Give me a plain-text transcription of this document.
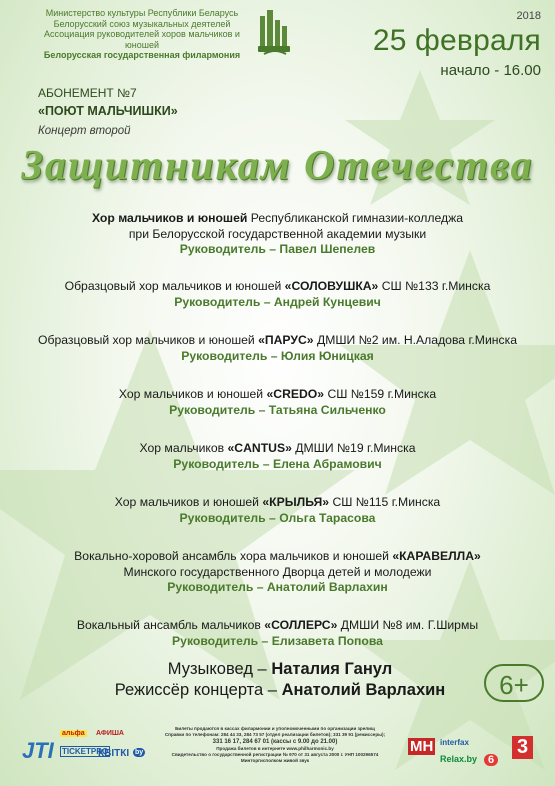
Министерство культуры Республики Беларусь
Белорусский союз музыкальных деятелей
Ассоциация руководителей хоров мальчиков и юношей
Белорусская государственная филармония
2018
25 февраля
начало - 16.00
АБОНЕМЕНТ №7
«ПОЮТ МАЛЬЧИШКИ»
Концерт второй
Защитникам Отечества
Хор мальчиков и юношей Республиканской гимназии-колледжа
при Белорусской государственной академии музыки
Руководитель – Павел Шепелев
Образцовый хор мальчиков и юношей «СОЛОВУШКА» СШ №133 г.Минска
Руководитель – Андрей Кунцевич
Образцовый хор мальчиков и юношей «ПАРУС» ДМШИ №2 им. Н.Аладова г.Минска
Руководитель – Юлия Юницкая
Хор мальчиков и юношей «CREDO» СШ №159 г.Минска
Руководитель – Татьяна Сильченко
Хор мальчиков «CANTUS» ДМШИ №19 г.Минска
Руководитель – Елена Абрамович
Хор мальчиков и юношей «КРЫЛЬЯ» СШ №115 г.Минска
Руководитель – Ольга Тарасова
Вокально-хоровой ансамбль хора мальчиков и юношей «КАРАВЕЛЛА»
Минского государственного Дворца детей и молодежи
Руководитель – Анатолий Варлахин
Вокальный ансамбль мальчиков «СОЛЛЕРС» ДМШИ №8 им. Г.Ширмы
Руководитель – Елизавета Попова
Музыковед – Наталия Ганул
Режиссёр концерта – Анатолий Варлахин	6+
JTI
альфа АФИША
TICKETPRO
КВІТКІ by
Билеты продаются в кассах филармонии и уполномоченными по организации зрелищ
Справки по телефонам: 284 44 33, 284 73 57 (отдел реализации билетов); 331 39 91 (режиссеры);
331 16 17, 284 67 01 (кассы с 9.00 до 21.00)
Продажа билетов в интернете www.philharmonic.by
Свидетельство о государственной регистрации № 970 от 31 августа 2000 г. УНП 100296574
Минторгисполком живой звук
МН interfax
Relax.by 6
3
